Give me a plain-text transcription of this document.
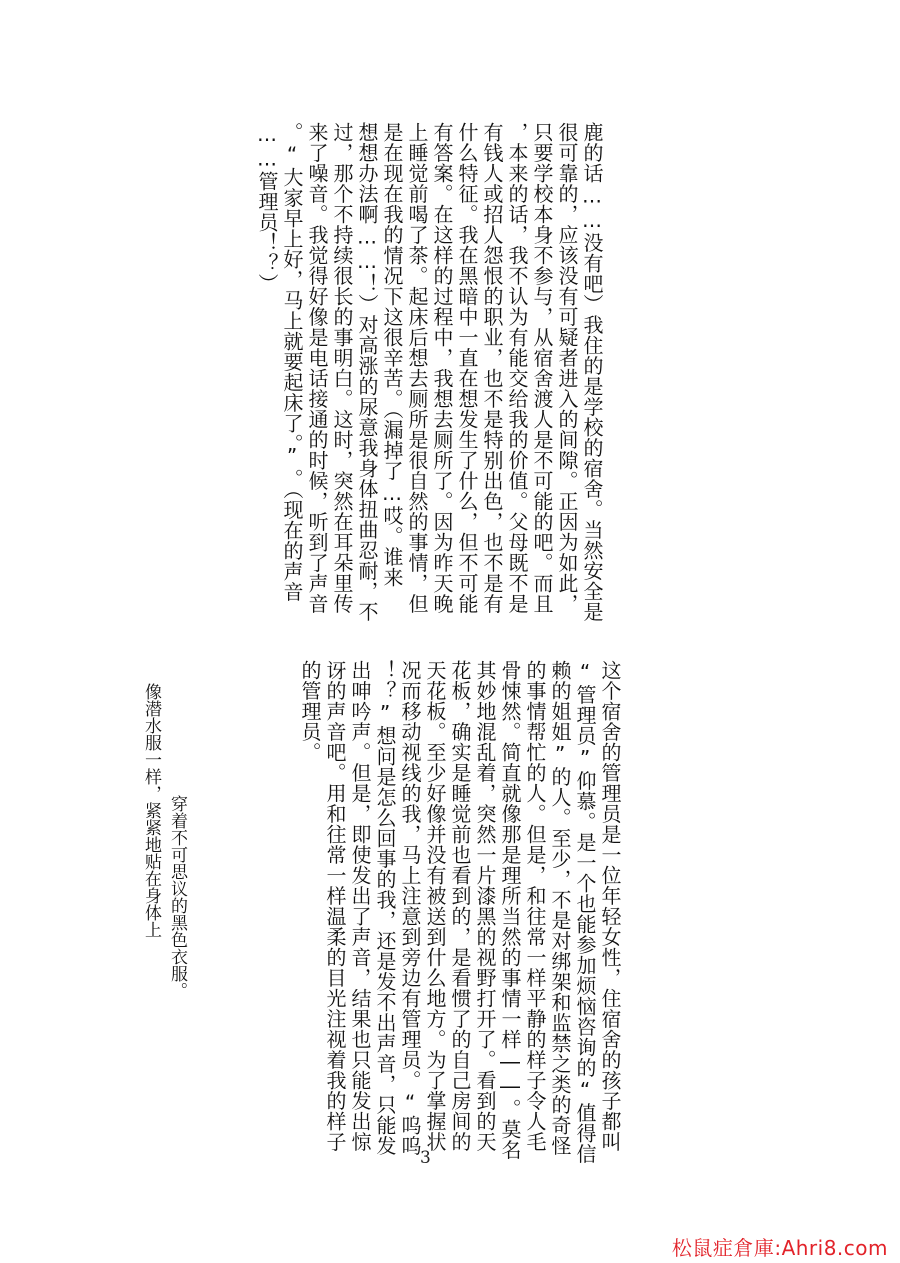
鹿的话……没有吧）我住的是学校的宿舍。当然安全是
很可靠的，应该没有可疑者进入的间隙。正因为如此，
只要学校本身不参与，从宿舍渡人是不可能的吧。而且
，本来的话，我不认为有能交给我的价值。父母既不是
有钱人或招人怨恨的职业，也不是特别出色，也不是有
什么特征。我在黑暗中一直在想发生了什么，但不可能
有答案。在这样的过程中，我想去厕所了。因为昨天晚
上睡觉前喝了茶。起床后想去厕所是很自然的事情，但
是在现在我的情况下这很辛苦。（漏掉了…哎。谁来
想想办法啊……！）对高涨的尿意我身体扭曲忍耐，不
过，那个不持续很长的事明白。这时，突然在耳朵里传
来了噪音。我觉得好像是电话接通的时候，听到了声音
。“大家早上好，马上就要起床了。”。（现在的声音
……管理员！？）
这个宿舍的管理员是一位年轻女性，住宿舍的孩子都叫
“管理员”仰慕。是一个也能参加烦恼咨询的“值得信
赖的姐姐”的人。至少，不是对绑架和监禁之类的奇怪
的事情帮忙的人。但是，和往常一样平静的样子令人毛
骨悚然。简直就像那是理所当然的事情一样――。莫名
其妙地混乱着，突然一片漆黑的视野打开了。看到的天
花板，确实是睡觉前也看到的，是看惯了的自己房间的
天花板。至少好像并没有被送到什么地方。为了掌握状
况而移动视线的我，马上注意到旁边有管理员。“呜呜
！？”想问是怎么回事的我，还是发不出声音，只能发
出呻吟声。但是，即使发出了声音，结果也只能发出惊
讶的声音吧。用和往常一样温柔的目光注视着我的样子
的管理员。
像潜水服一样，紧紧地贴在身体上 穿着不可思议的黑色衣服。
3
松鼠症倉庫:Ahri8.com
